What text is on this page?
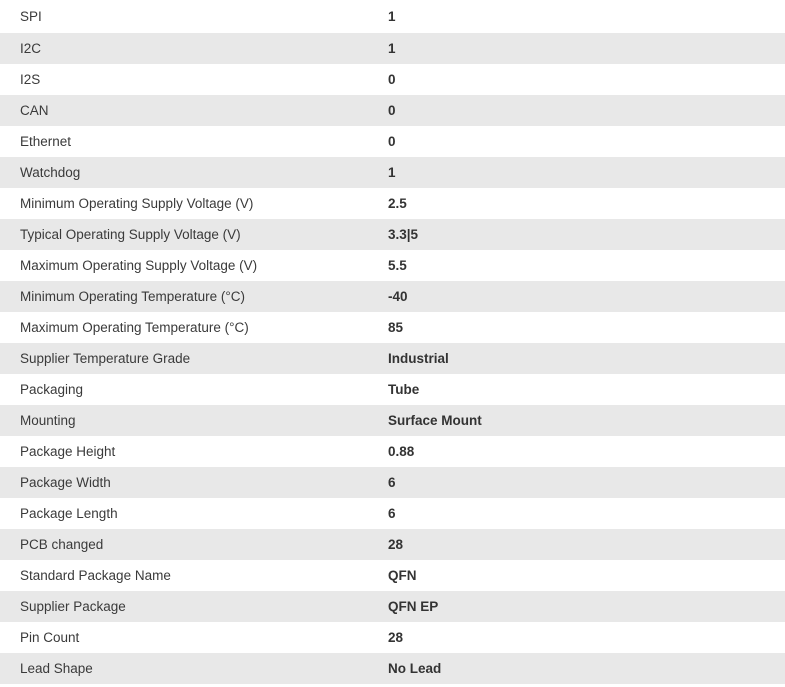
SPI	1
I2C	1
I2S	0
CAN	0
Ethernet	0
Watchdog	1
Minimum Operating Supply Voltage (V)	2.5
Typical Operating Supply Voltage (V)	3.3|5
Maximum Operating Supply Voltage (V)	5.5
Minimum Operating Temperature (°C)	-40
Maximum Operating Temperature (°C)	85
Supplier Temperature Grade	Industrial
Packaging	Tube
Mounting	Surface Mount
Package Height	0.88
Package Width	6
Package Length	6
PCB changed	28
Standard Package Name	QFN
Supplier Package	QFN EP
Pin Count	28
Lead Shape	No Lead
